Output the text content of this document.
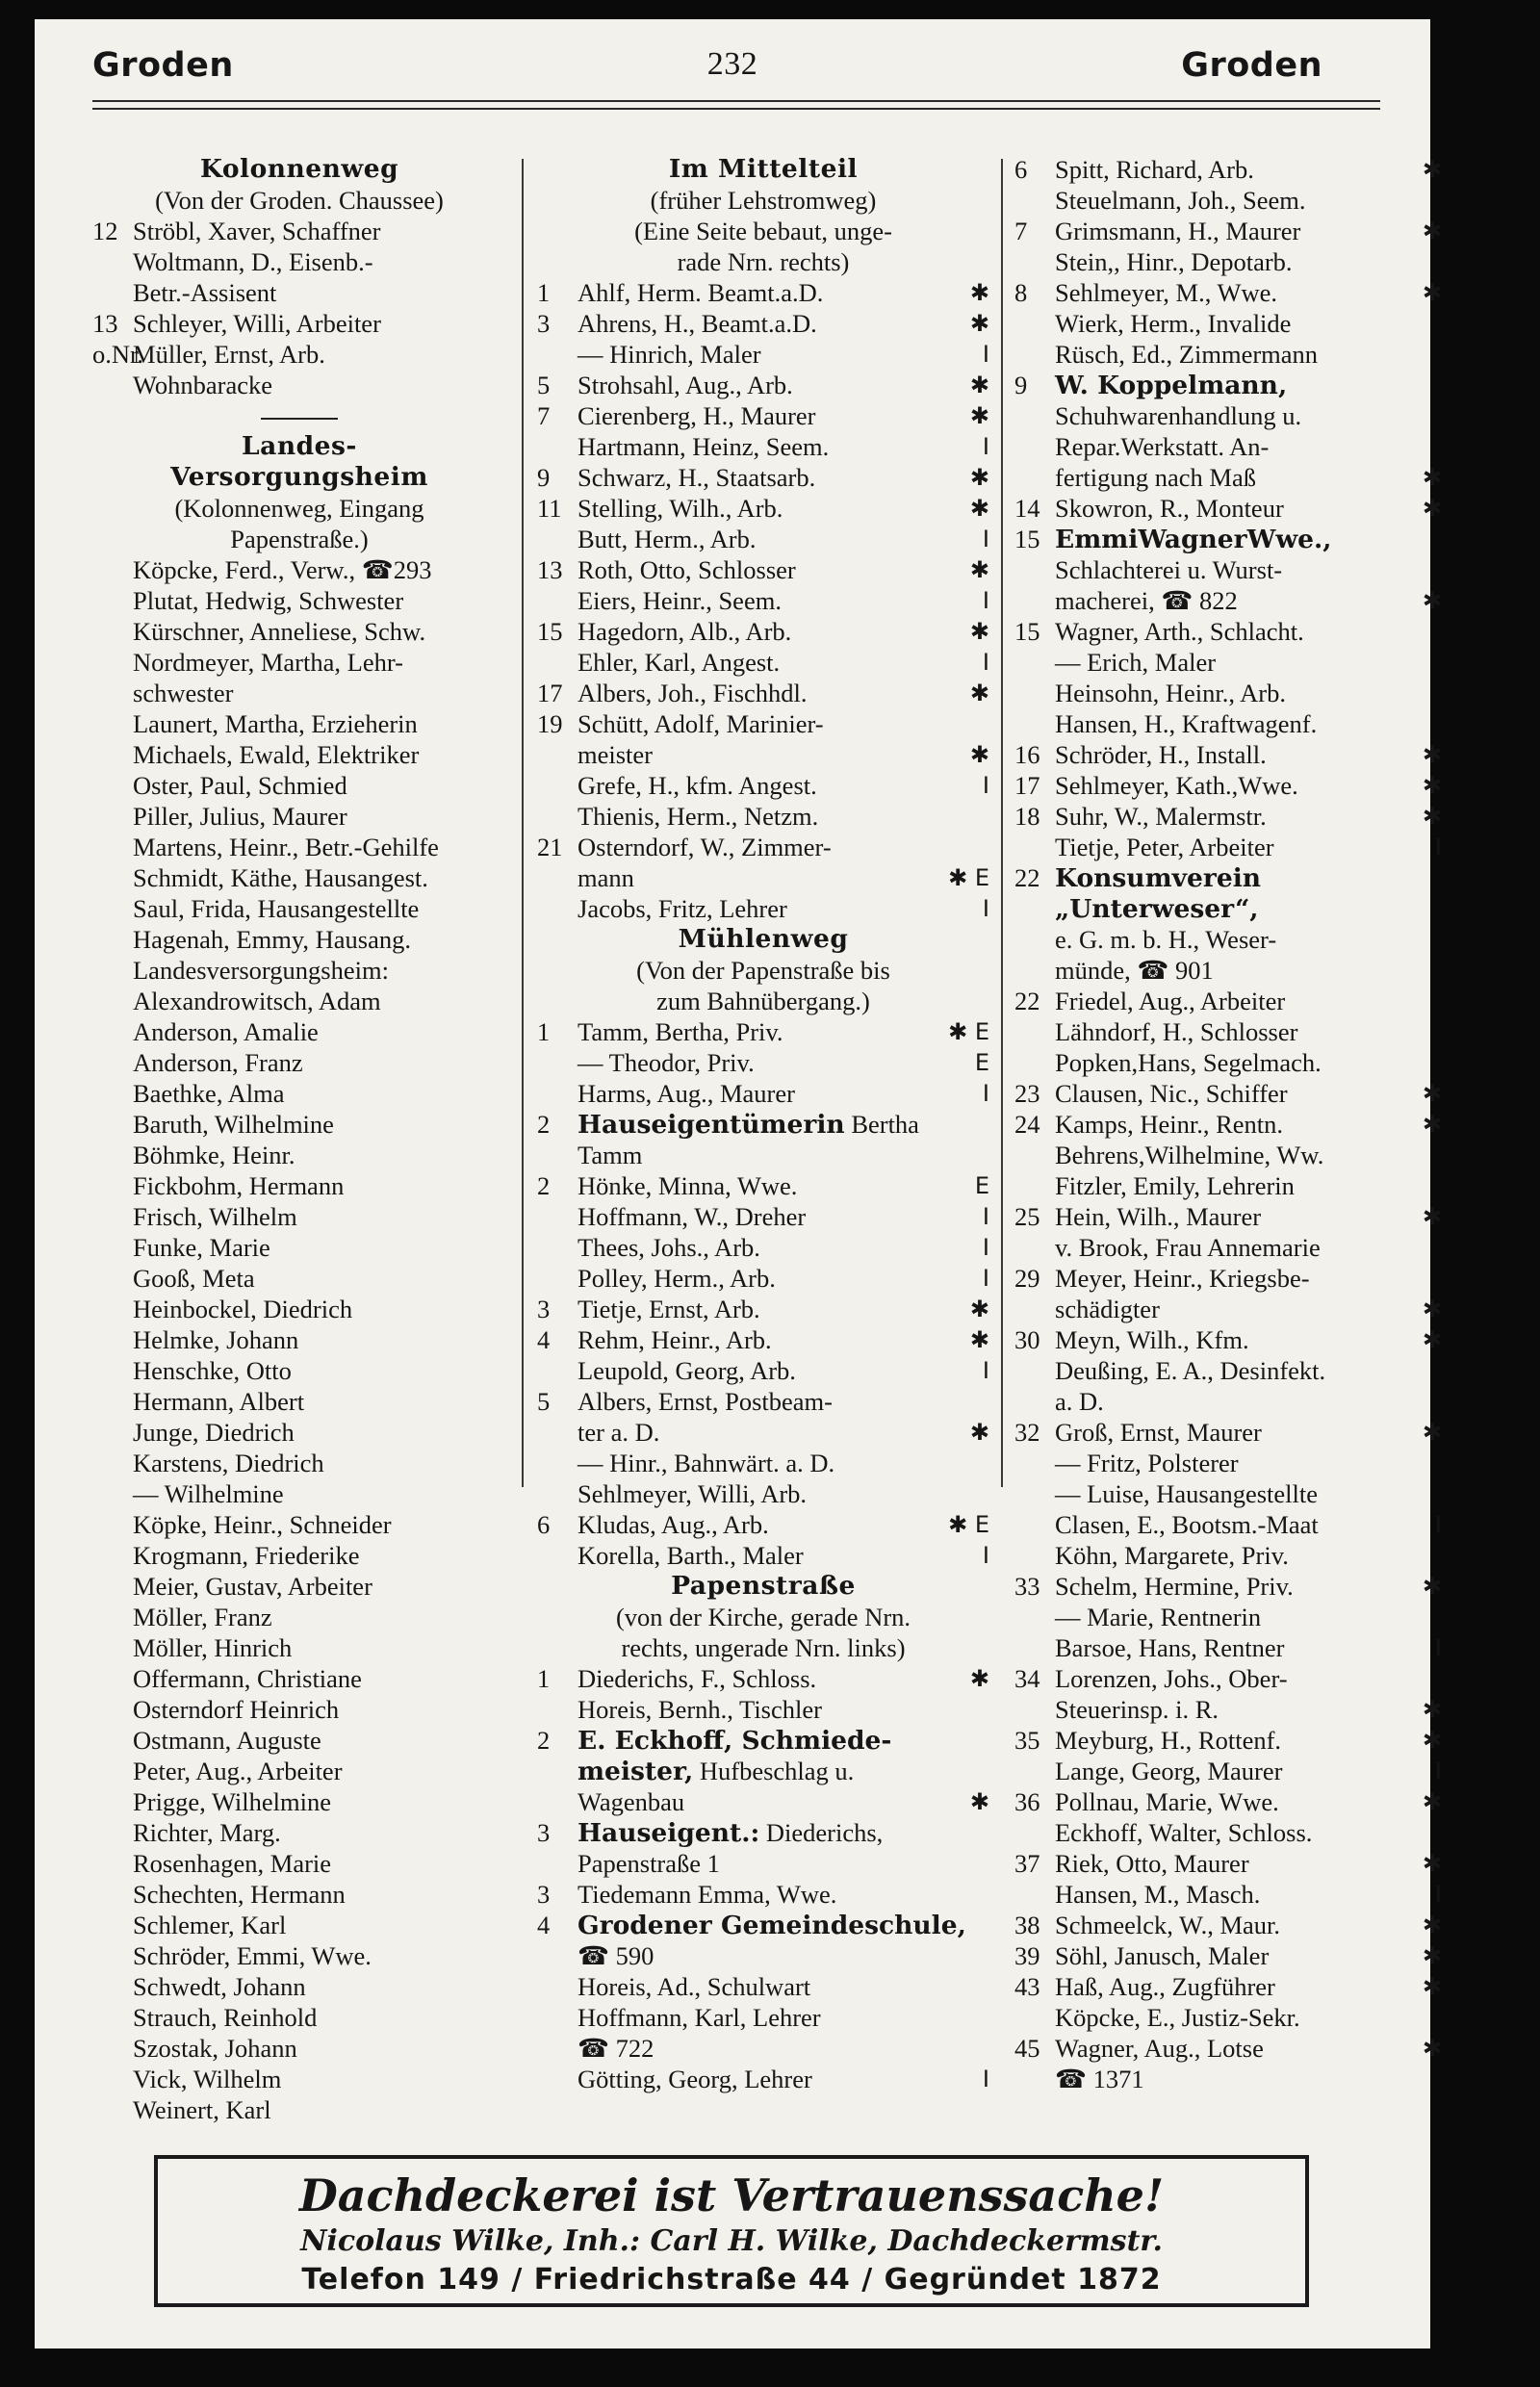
Groden	232	Groden
Kolonnenweg
(Von der Groden. Chaussee)
12 Ströbl, Xaver, Schaffner
Woltmann, D., Eisenb.-
Betr.-Assisent
13 Schleyer, Willi, Arbeiter
o.Nr.Müller, Ernst, Arb.
Wohnbaracke
Landes-
Versorgungsheim
(Kolonnenweg, Eingang
Papenstraße.)
Köpcke, Ferd., Verw., ☎293
Plutat, Hedwig, Schwester
Kürschner, Anneliese, Schw.
Nordmeyer, Martha, Lehr-
schwester
Launert, Martha, Erzieherin
Michaels, Ewald, Elektriker
Oster, Paul, Schmied
Piller, Julius, Maurer
Martens, Heinr., Betr.-Gehilfe
Schmidt, Käthe, Hausangest.
Saul, Frida, Hausangestellte
Hagenah, Emmy, Hausang.
Landesversorgungsheim:
Alexandrowitsch, Adam
Anderson, Amalie
Anderson, Franz
Baethke, Alma
Baruth, Wilhelmine
Böhmke, Heinr.
Fickbohm, Hermann
Frisch, Wilhelm
Funke, Marie
Gooß, Meta
Heinbockel, Diedrich
Helmke, Johann
Henschke, Otto
Hermann, Albert
Junge, Diedrich
Karstens, Diedrich
— Wilhelmine
Köpke, Heinr., Schneider
Krogmann, Friederike
Meier, Gustav, Arbeiter
Möller, Franz
Möller, Hinrich
Offermann, Christiane
Osterndorf Heinrich
Ostmann, Auguste
Peter, Aug., Arbeiter
Prigge, Wilhelmine
Richter, Marg.
Rosenhagen, Marie
Schechten, Hermann
Schlemer, Karl
Schröder, Emmi, Wwe.
Schwedt, Johann
Strauch, Reinhold
Szostak, Johann
Vick, Wilhelm
Weinert, Karl
Im Mittelteil
(früher Lehstromweg)
(Eine Seite bebaut, unge-
rade Nrn. rechts)
1 Ahlf, Herm. Beamt.a.D.	✱
3 Ahrens, H., Beamt.a.D.	✱
— Hinrich, Maler	I
5 Strohsahl, Aug., Arb.	✱
7 Cierenberg, H., Maurer	✱
Hartmann, Heinz, Seem.	I
9 Schwarz, H., Staatsarb.	✱
11 Stelling, Wilh., Arb.	✱
Butt, Herm., Arb.	I
13 Roth, Otto, Schlosser	✱
Eiers, Heinr., Seem.	I
15 Hagedorn, Alb., Arb.	✱
Ehler, Karl, Angest.	I
17 Albers, Joh., Fischhdl.	✱
19 Schütt, Adolf, Marinier-
meister	✱
Grefe, H., kfm. Angest.	I
Thienis, Herm., Netzm.
21 Osterndorf, W., Zimmer-
mann	✱ E
Jacobs, Fritz, Lehrer	I
Mühlenweg
(Von der Papenstraße bis
zum Bahnübergang.)
1 Tamm, Bertha, Priv.	✱ E
— Theodor, Priv.	E
Harms, Aug., Maurer	I
2 Hauseigentümerin Bertha
Tamm
2 Hönke, Minna, Wwe.	E
Hoffmann, W., Dreher	I
Thees, Johs., Arb.	I
Polley, Herm., Arb.	I
3 Tietje, Ernst, Arb.	✱
4 Rehm, Heinr., Arb.	✱
Leupold, Georg, Arb.	I
5 Albers, Ernst, Postbeam-
ter a. D.	✱
— Hinr., Bahnwärt. a. D.
Sehlmeyer, Willi, Arb.
6 Kludas, Aug., Arb.	✱ E
Korella, Barth., Maler	I
Papenstraße
(von der Kirche, gerade Nrn.
rechts, ungerade Nrn. links)
1 Diederichs, F., Schloss.	✱
Horeis, Bernh., Tischler
2 E. Eckhoff, Schmiede-
meister, Hufbeschlag u.
Wagenbau	✱
3 Hauseigent.: Diederichs,
Papenstraße 1
3 Tiedemann Emma, Wwe.
4 Grodener Gemeindeschule,
☎ 590
Horeis, Ad., Schulwart
Hoffmann, Karl, Lehrer
☎ 722
Götting, Georg, Lehrer	I
6 Spitt, Richard, Arb.	✱
Steuelmann, Joh., Seem.
7 Grimsmann, H., Maurer	✱
Stein,, Hinr., Depotarb.
8 Sehlmeyer, M., Wwe.	✱
Wierk, Herm., Invalide
Rüsch, Ed., Zimmermann
9 W. Koppelmann,
Schuhwarenhandlung u.
Repar.Werkstatt. An-
fertigung nach Maß	✱
14 Skowron, R., Monteur	✱
15 EmmiWagnerWwe.,
Schlachterei u. Wurst-
macherei, ☎ 822	✱
15 Wagner, Arth., Schlacht.
— Erich, Maler
Heinsohn, Heinr., Arb.
Hansen, H., Kraftwagenf.
16 Schröder, H., Install.	✱
17 Sehlmeyer, Kath.,Wwe.	✱
18 Suhr, W., Malermstr.	✱
Tietje, Peter, Arbeiter	I
22 Konsumverein
„Unterweser“,
e. G. m. b. H., Weser-
münde, ☎ 901
22 Friedel, Aug., Arbeiter
Lähndorf, H., Schlosser
Popken,Hans, Segelmach.
23 Clausen, Nic., Schiffer	✱
24 Kamps, Heinr., Rentn.	✱
Behrens,Wilhelmine, Ww.
Fitzler, Emily, Lehrerin
25 Hein, Wilh., Maurer	✱
v. Brook, Frau Annemarie
29 Meyer, Heinr., Kriegsbe-
schädigter	✱
30 Meyn, Wilh., Kfm.	✱
Deußing, E. A., Desinfekt.
a. D.
32 Groß, Ernst, Maurer	✱
— Fritz, Polsterer
— Luise, Hausangestellte
Clasen, E., Bootsm.-Maat	I
Köhn, Margarete, Priv.
33 Schelm, Hermine, Priv.	✱
— Marie, Rentnerin
Barsoe, Hans, Rentner	I
34 Lorenzen, Johs., Ober-
Steuerinsp. i. R.	✱
35 Meyburg, H., Rottenf.	✱
Lange, Georg, Maurer	I
36 Pollnau, Marie, Wwe.	✱
Eckhoff, Walter, Schloss.
37 Riek, Otto, Maurer	✱
Hansen, M., Masch.	I
38 Schmeelck, W., Maur.	✱
39 Söhl, Janusch, Maler	✱
43 Haß, Aug., Zugführer	✱
Köpcke, E., Justiz-Sekr.
45 Wagner, Aug., Lotse	✱
☎ 1371
Dachdeckerei ist Vertrauenssache!
Nicolaus Wilke, Inh.: Carl H. Wilke, Dachdeckermstr.
Telefon 149 / Friedrichstraße 44 / Gegründet 1872
